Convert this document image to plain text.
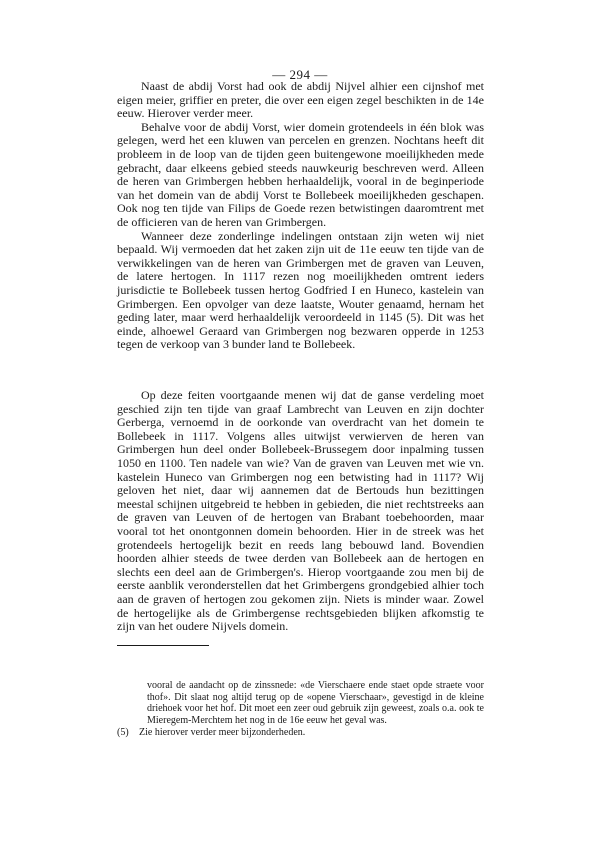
— 294 —

Naast de abdij Vorst had ook de abdij Nijvel alhier een cijnshof met eigen meier, griffier en preter, die over een eigen zegel beschikten in de 14e eeuw. Hierover verder meer.

Behalve voor de abdij Vorst, wier domein grotendeels in één blok was gelegen, werd het een kluwen van percelen en grenzen. Nochtans heeft dit probleem in de loop van de tijden geen buitengewone moeilijkheden mede gebracht, daar elkeens gebied steeds nauwkeurig beschreven werd. Alleen de heren van Grimbergen hebben herhaaldelijk, vooral in de beginperiode van het domein van de abdij Vorst te Bollebeek moeilijkheden geschapen. Ook nog ten tijde van Filips de Goede rezen betwistingen daaromtrent met de officieren van de heren van Grimbergen.

Wanneer deze zonderlinge indelingen ontstaan zijn weten wij niet bepaald. Wij vermoeden dat het zaken zijn uit de 11e eeuw ten tijde van de verwikkelingen van de heren van Grimbergen met de graven van Leuven, de latere hertogen. In 1117 rezen nog moeilijkheden omtrent ieders jurisdictie te Bollebeek tussen hertog Godfried I en Huneco, kastelein van Grimbergen. Een opvolger van deze laatste, Wouter genaamd, hernam het geding later, maar werd herhaaldelijk veroordeeld in 1145 (5). Dit was het einde, alhoewel Geraard van Grimbergen nog bezwaren opperde in 1253 tegen de verkoop van 3 bunder land te Bollebeek.

Op deze feiten voortgaande menen wij dat de ganse verdeling moet geschied zijn ten tijde van graaf Lambrecht van Leuven en zijn dochter Gerberga, vernoemd in de oorkonde van overdracht van het domein te Bollebeek in 1117. Volgens alles uitwijst verwierven de heren van Grimbergen hun deel onder Bollebeek-Brussegem door inpalming tussen 1050 en 1100. Ten nadele van wie? Van de graven van Leuven met wie vn. kastelein Huneco van Grimbergen nog een betwisting had in 1117? Wij geloven het niet, daar wij aannemen dat de Bertouds hun bezittingen meestal schijnen uitgebreid te hebben in gebieden, die niet rechtstreeks aan de graven van Leuven of de hertogen van Brabant toebehoorden, maar vooral tot het onontgonnen domein behoorden. Hier in de streek was het grotendeels hertogelijk bezit en reeds lang bebouwd land. Bovendien hoorden alhier steeds de twee derden van Bollebeek aan de hertogen en slechts een deel aan de Grimbergen's. Hierop voortgaande zou men bij de eerste aanblik veronderstellen dat het Grimbergens grondgebied alhier toch aan de graven of hertogen zou gekomen zijn. Niets is minder waar. Zowel de hertogelijke als de Grimbergense rechtsgebieden blijken afkomstig te zijn van het oudere Nijvels domein.

vooral de aandacht op de zinssnede: «de Vierschaere ende staet opde straete voor thof». Dit slaat nog altijd terug op de «opene Vierschaar», gevestigd in de kleine driehoek voor het hof. Dit moet een zeer oud gebruik zijn geweest, zoals o.a. ook te Mieregem-Merchtem het nog in de 16e eeuw het geval was.

(5)	Zie hierover verder meer bijzonderheden.
